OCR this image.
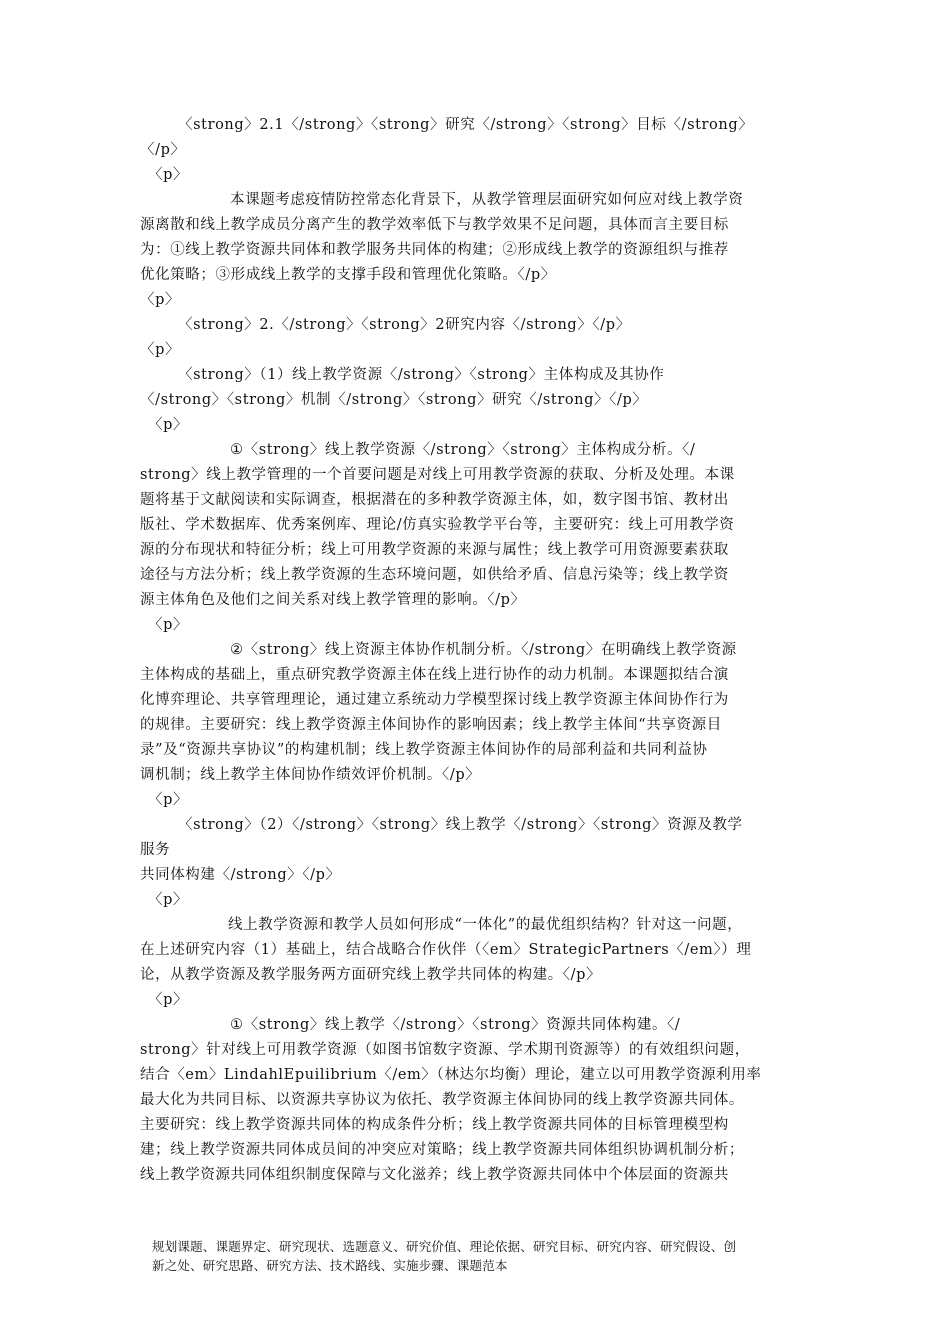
〈strong〉2.1〈/strong〉〈strong〉研究〈/strong〉〈strong〉目标〈/strong〉
〈/p〉
〈p〉
本课题考虑疫情防控常态化背景下，从教学管理层面研究如何应对线上教学资
源离散和线上教学成员分离产生的教学效率低下与教学效果不足问题，具体而言主要目标
为：①线上教学资源共同体和教学服务共同体的构建；②形成线上教学的资源组织与推荐
优化策略；③形成线上教学的支撑手段和管理优化策略。〈/p〉
〈p〉
〈strong〉2.〈/strong〉〈strong〉2研究内容〈/strong〉〈/p〉
〈p〉
〈strong〉（1）线上教学资源〈/strong〉〈strong〉主体构成及其协作
〈/strong〉〈strong〉机制〈/strong〉〈strong〉研究〈/strong〉〈/p〉
〈p〉
①〈strong〉线上教学资源〈/strong〉〈strong〉主体构成分析。〈/
strong〉线上教学管理的一个首要问题是对线上可用教学资源的获取、分析及处理。本课
题将基于文献阅读和实际调查，根据潜在的多种教学资源主体，如，数字图书馆、教材出
版社、学术数据库、优秀案例库、理论/仿真实验教学平台等，主要研究：线上可用教学资
源的分布现状和特征分析；线上可用教学资源的来源与属性；线上教学可用资源要素获取
途径与方法分析；线上教学资源的生态环境问题，如供给矛盾、信息污染等；线上教学资
源主体角色及他们之间关系对线上教学管理的影响。〈/p〉
〈p〉
②〈strong〉线上资源主体协作机制分析。〈/strong〉在明确线上教学资源
主体构成的基础上，重点研究教学资源主体在线上进行协作的动力机制。本课题拟结合演
化博弈理论、共享管理理论，通过建立系统动力学模型探讨线上教学资源主体间协作行为
的规律。主要研究：线上教学资源主体间协作的影响因素；线上教学主体间“共享资源目
录”及“资源共享协议”的构建机制；线上教学资源主体间协作的局部利益和共同利益协
调机制；线上教学主体间协作绩效评价机制。〈/p〉
〈p〉
〈strong〉（2）〈/strong〉〈strong〉线上教学〈/strong〉〈strong〉资源及教学
服务
共同体构建〈/strong〉〈/p〉
〈p〉
线上教学资源和教学人员如何形成“一体化”的最优组织结构？针对这一问题，
在上述研究内容（1）基础上，结合战略合作伙伴（〈em〉StrategicPartners〈/em〉）理
论，从教学资源及教学服务两方面研究线上教学共同体的构建。〈/p〉
〈p〉
①〈strong〉线上教学〈/strong〉〈strong〉资源共同体构建。〈/
strong〉针对线上可用教学资源（如图书馆数字资源、学术期刊资源等）的有效组织问题，
结合〈em〉LindahlEpuilibrium〈/em〉（林达尔均衡）理论，建立以可用教学资源利用率
最大化为共同目标、以资源共享协议为依托、教学资源主体间协同的线上教学资源共同体。
主要研究：线上教学资源共同体的构成条件分析；线上教学资源共同体的目标管理模型构
建；线上教学资源共同体成员间的冲突应对策略；线上教学资源共同体组织协调机制分析；
线上教学资源共同体组织制度保障与文化滋养；线上教学资源共同体中个体层面的资源共
规划课题、课题界定、研究现状、选题意义、研究价值、理论依据、研究目标、研究内容、研究假设、创
新之处、研究思路、研究方法、技术路线、实施步骤、课题范本
